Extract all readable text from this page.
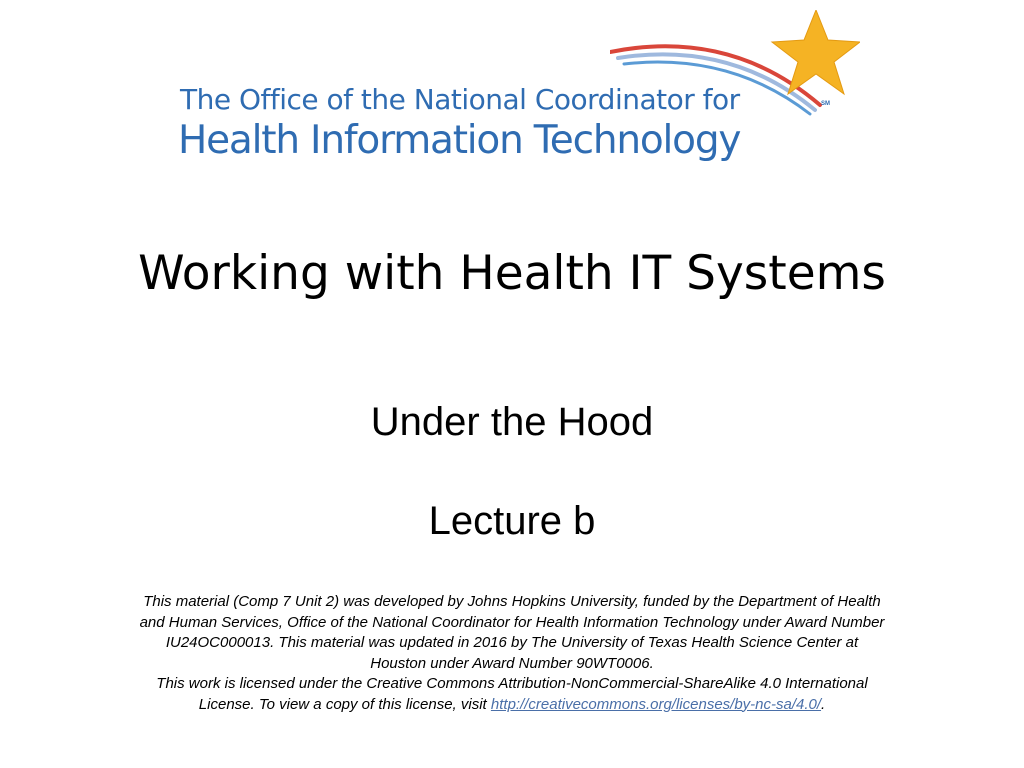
SM
The Office of the National Coordinator for
Health Information Technology
Working with Health IT Systems
Under the Hood
Lecture b
This material (Comp 7 Unit 2) was developed by Johns Hopkins University, funded by the Department of Health
and Human Services, Office of the National Coordinator for Health Information Technology under Award Number
IU24OC000013. This material was updated in 2016 by The University of Texas Health Science Center at
Houston under Award Number 90WT0006.
This work is licensed under the Creative Commons Attribution-NonCommercial-ShareAlike 4.0 International
License. To view a copy of this license, visit http://creativecommons.org/licenses/by-nc-sa/4.0/.
